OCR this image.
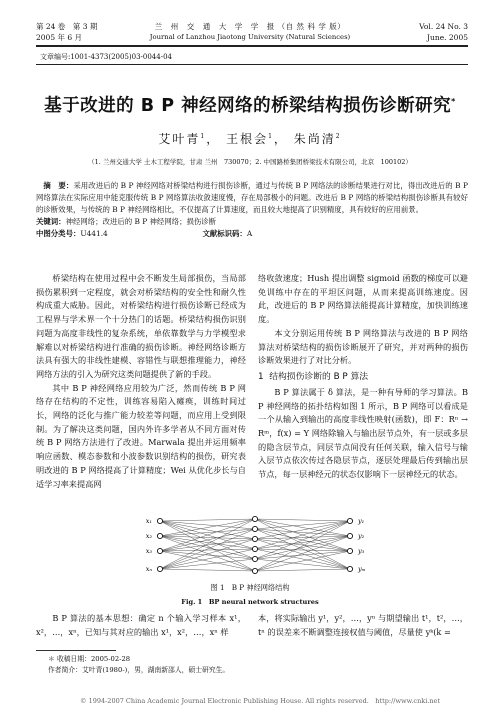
第 24 卷　第 3 期
2005 年 6 月
兰　州　交　通　大　学　学　报 （自 然 科 学 版）
Journal of Lanzhou Jiaotong University (Natural Sciences)
Vol. 24 No. 3
June. 2005
文章编号:1001-4373(2005)03-0044-04
基于改进的 B P 神经网络的桥梁结构损伤诊断研究*
艾叶青$^1$， 王根会$^1$， 朱尚清$^2$
（1. 兰州交通大学 土木工程学院，甘肃 兰州　730070；2. 中国路桥集团桥梁技术有限公司，北京　100102）
摘　要：采用改进后的 B P 神经网络对桥梁结构进行损伤诊断，通过与传统 B P 网络法的诊断结果进行对比，得出改进后的 B P 网络算法在实际应用中能克服传统 B P 网络算法收敛速度慢，存在局部极小的问题。改进后 B P 网络的桥梁结构损伤诊断具有较好的诊断效果，与传统的 B P 神经网络相比，不仅提高了计算速度，而且较大地提高了识别精度，具有较好的应用前景。
关键词：神经网络；改进后的 B P 神经网络；损伤诊断
中图分类号：U441.4	文献标识码：A

桥梁结构在使用过程中会不断发生局部损伤，当局部损伤累积到一定程度，就会对桥梁结构的安全性和耐久性构成重大威胁。因此，对桥梁结构进行损伤诊断已经成为工程界与学术界一个十分热门的话题。桥梁结构损伤识别问题为高度非线性的复杂系统，单依靠数学与力学模型求解难以对桥梁结构进行准确的损伤诊断。神经网络诊断方法具有强大的非线性建模、容错性与联想推理能力，神经网络方法的引入为研究这类问题提供了新的手段。

其中 B P 神经网络应用较为广泛，然而传统 B P 网络存在结构的不定性，训练容易陷入瘫痪，训练时间过长，网络的泛化与推广能力较差等问题，而应用上受到限制。为了解决这类问题，国内外许多学者从不同方面对传统 B P 网络方法进行了改进。Marwala 提出并运用频率响应函数、模态参数和小波参数识别结构的损伤，研究表明改进的 B P 网络提高了计算精度；Wei 从优化步长与自适学习率来提高网

络收敛速度；Hush 提出调整 sigmoid 函数的梯度可以避免训练中存在的平坦区问题，从而来提高训练速度。因此，改进后的 B P 网络算法能提高计算精度，加快训练速度。

本文分别运用传统 B P 网络算法与改进的 B P 网络算法对桥梁结构的损伤诊断展开了研究，并对两种的损伤诊断效果进行了对比分析。

1 结构损伤诊断的 B P 算法

B P 算法属于 δ 算法，是一种有导师的学习算法。B P 神经网络的拓扑结构如图 1 所示，B P 网络可以看成是一个从输入到输出的高度非线性映射(函数)，即 F：Rⁿ → Rᵐ，f(x) = Y 网络除输入与输出层节点外，有一层或多层的隐含层节点，同层节点间没有任何关联，输入信号与输入层节点依次传过各隐层节点，逐层处理最后传到输出层节点，每一层神经元的状态仅影响下一层神经元的状态。

x₁
x₂
x₃
xₙ
y₁
y₂
y₃
yₘ
图 1　B P 神经网络结构
Fig. 1　BP neural network structures

B P 算法的基本思想：确定 n 个输入学习样本 x¹，x²，…，xⁿ，已知与其对应的输出 x¹，x²，…，xⁿ 样

本，将实际输出 y¹，y²，…，yⁿ 与期望输出 t¹，t²，…，tⁿ 的误差来不断调整连接权值与阈值，尽量使 yᵏ(k =

＊ 收稿日期：2005-02-28
作者简介：艾叶青(1980-)，男，湖南新邵人，硕士研究生。
© 1994-2007 China Academic Journal Electronic Publishing House. All rights reserved.　http://www.cnki.net
